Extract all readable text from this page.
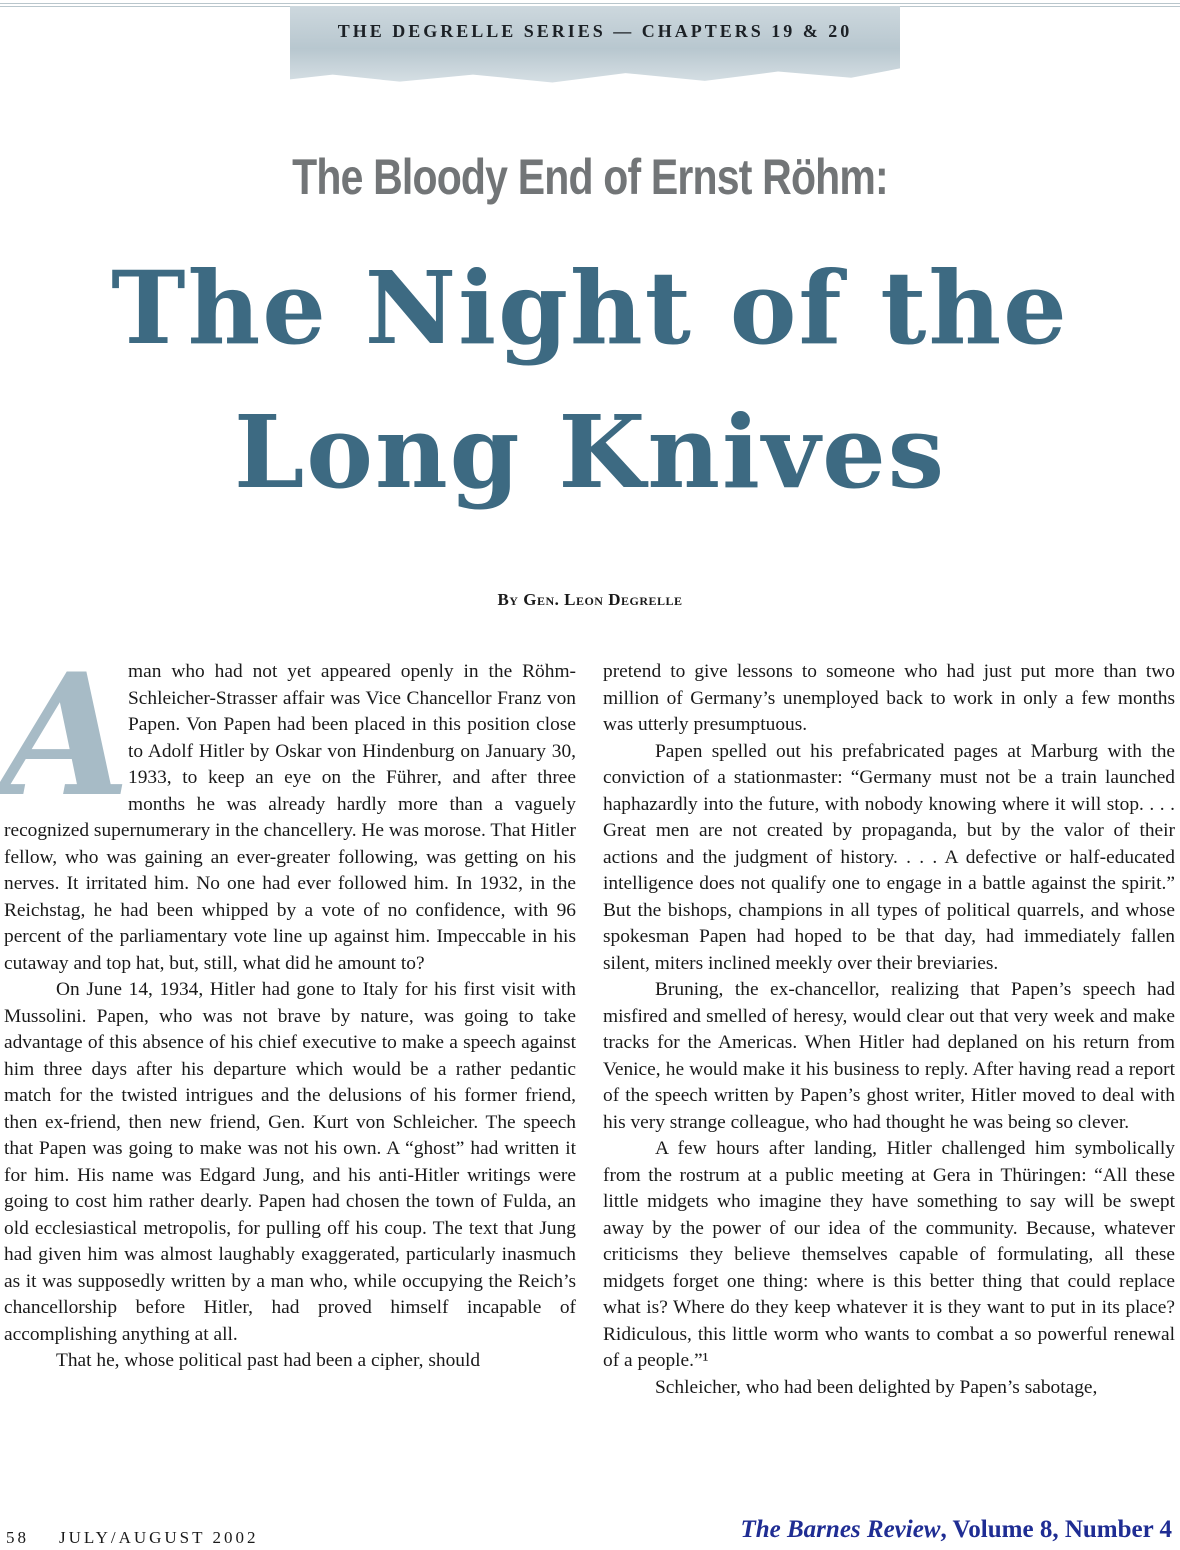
THE DEGRELLE SERIES — CHAPTERS 19 & 20
The Bloody End of Ernst Röhm:
The Night of the
Long Knives
By Gen. Leon Degrelle

A
man who had not yet appeared openly in the Röhm-Schleicher-Strasser affair was Vice Chancellor Franz von Papen. Von Papen had been placed in this position close to Adolf Hitler by Oskar von Hindenburg on January 30, 1933, to keep an eye on the Führer, and after three months he was already hardly more than a vaguely recognized supernumerary in the chancellery. He was morose. That Hitler fellow, who was gaining an ever-greater following, was getting on his nerves. It irritated him. No one had ever followed him. In 1932, in the Reichstag, he had been whipped by a vote of no confidence, with 96 percent of the parliamentary vote line up against him. Impeccable in his cutaway and top hat, but, still, what did he amount to?

On June 14, 1934, Hitler had gone to Italy for his first visit with Mussolini. Papen, who was not brave by nature, was going to take advantage of this absence of his chief executive to make a speech against him three days after his departure which would be a rather pedantic match for the twisted intrigues and the delusions of his former friend, then ex-friend, then new friend, Gen. Kurt von Schleicher. The speech that Papen was going to make was not his own. A “ghost” had written it for him. His name was Edgard Jung, and his anti-Hitler writings were going to cost him rather dearly. Papen had chosen the town of Fulda, an old ecclesiastical metropolis, for pulling off his coup. The text that Jung had given him was almost laughably exaggerated, particularly inasmuch as it was supposedly written by a man who, while occupying the Reich’s chancellorship before Hitler, had proved himself incapable of accomplishing anything at all.

That he, whose political past had been a cipher, should

pretend to give lessons to someone who had just put more than two million of Germany’s unemployed back to work in only a few months was utterly presumptuous.

Papen spelled out his prefabricated pages at Marburg with the conviction of a stationmaster: “Germany must not be a train launched haphazardly into the future, with nobody knowing where it will stop. . . . Great men are not created by propaganda, but by the valor of their actions and the judgment of history. . . . A defective or half-educated intelligence does not qualify one to engage in a battle against the spirit.” But the bishops, champions in all types of political quarrels, and whose spokesman Papen had hoped to be that day, had immediately fallen silent, miters inclined meekly over their breviaries.

Bruning, the ex-chancellor, realizing that Papen’s speech had misfired and smelled of heresy, would clear out that very week and make tracks for the Americas. When Hitler had deplaned on his return from Venice, he would make it his business to reply. After having read a report of the speech written by Papen’s ghost writer, Hitler moved to deal with his very strange colleague, who had thought he was being so clever.

A few hours after landing, Hitler challenged him symbolically from the rostrum at a public meeting at Gera in Thüringen: “All these little midgets who imagine they have something to say will be swept away by the power of our idea of the community. Because, whatever criticisms they believe themselves capable of formulating, all these midgets forget one thing: where is this better thing that could replace what is? Where do they keep whatever it is they want to put in its place? Ridiculous, this little worm who wants to combat a so powerful renewal of a people.”¹

Schleicher, who had been delighted by Papen’s sabotage,

58 JULY/AUGUST 2002	The Barnes Review, Volume 8, Number 4
